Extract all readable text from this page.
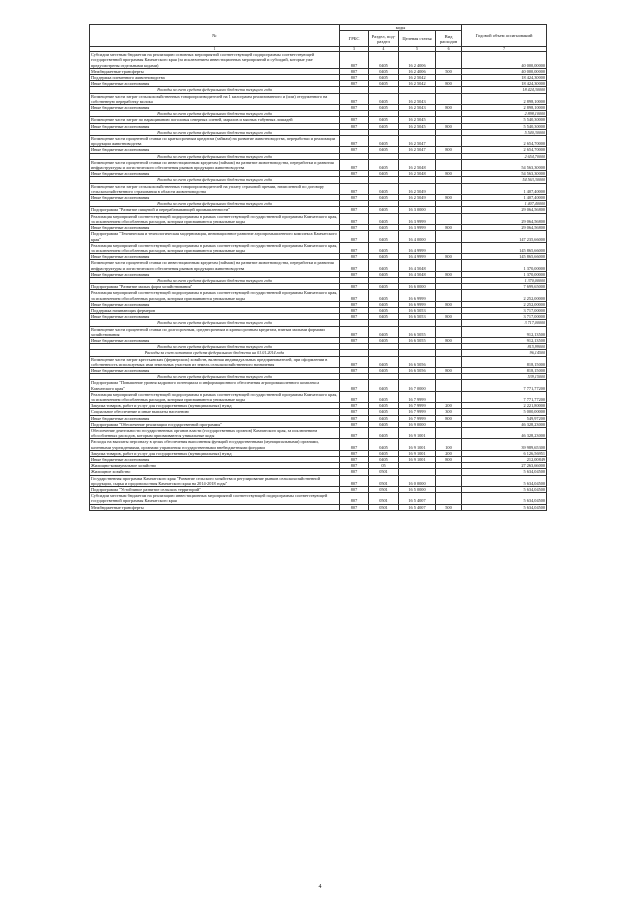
№	коды				Годовой объем ассигнований
	ГРБС	Раздел, под-раздел	Целевая статья	Вид расходов	
1	3	4	5	6	7
Субсидии местным бюджетам на реализацию основных мероприятий соответствующей подпрограммы соответствующей государственной программы Камчатского края (за исключением инвестиционных мероприятий и субсидий, которые уже предусмотрены отдельными кодами)	807	0405	16 2 4006		40 000,00000
Межбюджетные трансферты	807	0405	16 2 4006	500	40 000,00000
Поддержка племенного животноводства	807	0405	16 2 5042		18 424,30000
Иные бюджетные ассигнования	807	0405	16 2 5042	800	18 424,30000
Расходы за счет средств федерального бюджета текущего года					18 424,30000
Возмещение части затрат сельскохозяйственных товаропроизводителей на 1 килограмм реализованного и (или) отгруженного на собственную переработку молока	807	0405	16 2 5043		2 898,10000
Иные бюджетные ассигнования	807	0405	16 2 5043	800	2 898,10000
Расходы за счет средств федерального бюджета текущего года					2 898,10000
Возмещение части затрат по наращиванию поголовья северных оленей, маралов и мясных табунных лошадей	807	0405	16 2 5045		5 540,30000
Иные бюджетные ассигнования	807	0405	16 2 5045	800	5 540,30000
Расходы за счет средств федерального бюджета текущего года					5 540,30000
Возмещение части процентной ставки по краткосрочным кредитам (займам) на развитие животноводства, переработки и реализации продукции животноводства	807	0405	16 2 5047		2 654,70000
Иные бюджетные ассигнования	807	0405	16 2 5047	800	2 654,70000
Расходы за счет средств федерального бюджета текущего года					2 654,70000
Возмещение части процентной ставки по инвестиционным кредитам (займам) на развитие животноводства, переработки и развития инфраструктуры и логистического обеспечения рынков продукции животноводства	807	0405	16 2 5048		54 563,30000
Иные бюджетные ассигнования	807	0405	16 2 5048	800	54 563,30000
Расходы за счет средств федерального бюджета текущего года					54 563,30000
Возмещение части затрат сельскохозяйственных товаропроизводителей на уплату страховой премии, начисленной по договору сельскохозяйственного страхования в области животноводства	807	0405	16 2 5049		1 407,40000
Иные бюджетные ассигнования	807	0405	16 2 5049	800	1 407,40000
Расходы за счет средств федерального бюджета текущего года					1 407,40000
Подпрограмма "Развитие пищевой и перерабатывающей промышленности"	807	0405	16 3 0000		29 064,56800
Реализация мероприятий соответствующей подпрограммы в рамках соответствующей государственной программы Камчатского края, за исключением обособленных расходов, которым присваиваются уникальные коды	807	0405	16 3 9999		29 064,56800
Иные бюджетные ассигнования	807	0405	16 3 9999	800	29 064,56800
Подпрограмма "Техническая и технологическая модернизация, инновационное развитие агропромышленного комплекса Камчатского края"	807	0405	16 4 0000		147 235,66000
Реализация мероприятий соответствующей подпрограммы в рамках соответствующей государственной программы Камчатского края, за исключением обособленных расходов, которым присваиваются уникальные коды	807	0405	16 4 9999		145 865,66000
Иные бюджетные ассигнования	807	0405	16 4 9999	800	145 865,66000
Возмещение части процентной ставки по инвестиционным кредитам (займам) на развитие животноводства, переработки и развития инфраструктуры и логистического обеспечения рынков продукции животноводства	807	0405	16 4 5048		1 370,00000
Иные бюджетные ассигнования	807	0405	16 4 5048	800	1 370,00000
Расходы за счет средств федерального бюджета текущего года					1 370,00000
Подпрограмма "Развитие малых форм хозяйствования"	807	0405	16 6 0000		7 699,65000
Реализация мероприятий соответствующей подпрограммы в рамках соответствующей государственной программы Камчатского края, за исключением обособленных расходов, которым присваиваются уникальные коды	807	0405	16 6 9999		2 252,00000
Иные бюджетные ассигнования	807	0405	16 6 9999	800	2 252,00000
Поддержка начинающих фермеров	807	0405	16 6 5053		3 717,00000
Иные бюджетные ассигнования	807	0405	16 6 5053	800	3 717,00000
Расходы за счет средств федерального бюджета текущего года					3 717,00000
Возмещение части процентной ставки по долгосрочным, среднесрочным и краткосрочным кредитам, взятым малыми формами хозяйствования	807	0405	16 6 5055		912,13500
Иные бюджетные ассигнования	807	0405	16 6 5055	800	912,13500
Расходы за счет средств федерального бюджета текущего года					815,99000
Расходы за счет остатков средств федерального бюджета на 01.01.2014 года					96,14500
Возмещение части затрат крестьянских (фермерских) хозяйств, включая индивидуальных предпринимателей, при оформлении в собственность используемых ими земельных участков из земель сельскохозяйственного назначения	807	0405	16 6 5056		818,15000
Иные бюджетные ассигнования	807	0405	16 6 5056	800	818,15000
Расходы за счет средств федерального бюджета текущего года					539,15000
Подпрограмма "Повышение уровня кадрового потенциала и информационного обеспечения агропромышленного комплекса Камчатского края"	807	0405	16 7 0000		7 771,77200
Реализация мероприятий соответствующей подпрограммы в рамках соответствующей государственной программы Камчатского края, за исключением обособленных расходов, которым присваиваются уникальные коды	807	0405	16 7 9999		7 771,77200
Закупка товаров, работ и услуг для государственных (муниципальных) нужд	807	0405	16 7 9999	200	2 221,80000
Социальное обеспечение и иные выплаты населению	807	0405	16 7 9999	300	5 000,00000
Иные бюджетные ассигнования	807	0405	16 7 9999	800	549,97200
Подпрограмма "Обеспечение реализации государственной программы"	807	0405	16 9 0000		46 328,23000
Обеспечение деятельности государственных органов власти (государственных органов) Камчатского края, за исключением обособленных расходов, которым присваиваются уникальные коды	807	0405	16 9 1001		46 328,23000
Расходы на выплаты персоналу в целях обеспечения выполнения функций государственными (муниципальными) органами, казенными учреждениями, органами управления государственными внебюджетными фондами	807	0405	16 9 1001	100	39 989,65300
Закупка товаров, работ и услуг для государственных (муниципальных) нужд	807	0405	16 9 1001	200	6 126,56951
Иные бюджетные ассигнования	807	0405	16 9 1001	800	212,00849
Жилищно-коммунальное хозяйство	807	05			27 263,66000
Жилищное хозяйство	807	0501			5 634,04500
Государственная программа Камчатского края "Развитие сельского хозяйства и регулирование рынков сельскохозяйственной продукции, сырья и продовольствия Камчатского края на 2014-2018 годы"	807	0501	16 0 0000		5 634,04500
Подпрограмма "Устойчивое развитие сельских территорий"	807	0501	16 5 0000		5 634,04500
Субсидии местным бюджетам на реализацию инвестиционных мероприятий соответствующей подпрограммы соответствующей государственной программы Камчатского края	807	0501	16 5 4007		5 634,04500
Межбюджетные трансферты	807	0501	16 5 4007	500	5 634,04500
4
